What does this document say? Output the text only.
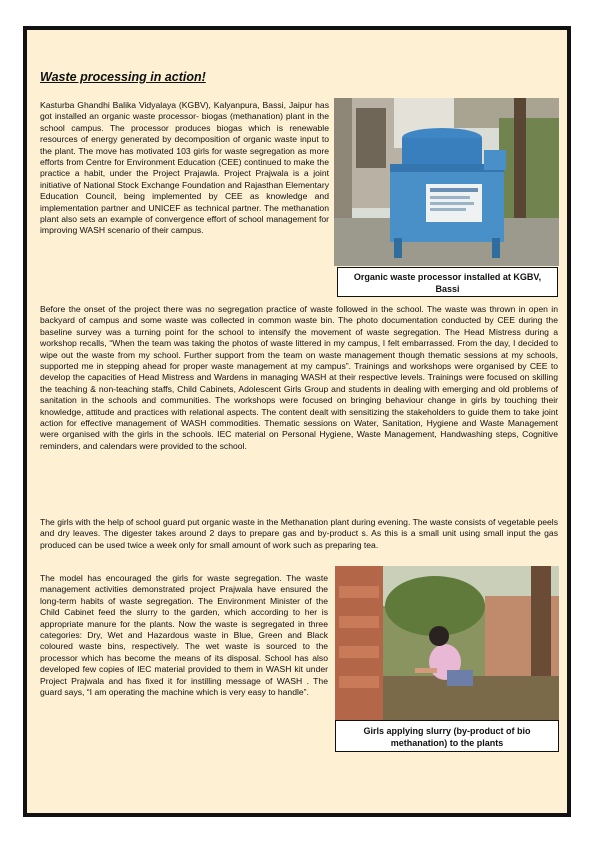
Waste processing in action!

Kasturba Ghandhi Balika Vidyalaya (KGBV), Kalyanpura, Bassi, Jaipur has got installed an organic waste processor- biogas (methanation) plant in the school campus. The processor produces biogas which is renewable resources of energy generated by decomposition of organic waste input to the plant. The move has motivated 103 girls for waste segregation as more efforts from Centre for Environment Education (CEE) continued to make the practice a habit, under the Project Prajawla. Project Prajwala is a joint initiative of National Stock Exchange Foundation and Rajasthan Elementary Education Council, being implemented by CEE as knowledge and implementation partner and UNICEF as technical partner. The methanation plant also sets an example of convergence effort of school management for improving WASH scenario of their campus.

Organic waste processor installed at KGBV,
Bassi

Before the onset of the project there was no segregation practice of waste followed in the school. The waste was thrown in open in backyard of campus and some waste was collected in common waste bin. The photo documentation conducted by CEE during the baseline survey was a turning point for the school to intensify the movement of waste segregation. The Head Mistress during a workshop recalls, “When the team was taking the photos of waste littered in my campus, I felt embarrassed. From the day, I decided to wipe out the waste from my school. Further support from the team on waste management though thematic sessions at my schools, supported me in stepping ahead for proper waste management at my campus”. Trainings and workshops were organised by CEE to develop the capacities of Head Mistress and Wardens in managing WASH at their respective levels. Trainings were focused on skilling the teaching & non-teaching staffs, Child Cabinets, Adolescent Girls Group and students in dealing with emerging and old problems of sanitation in the schools and communities. The workshops were focused on bringing behaviour change in girls by touching their knowledge, attitude and practices with relational aspects. The content dealt with sensitizing the stakeholders to guide them to take joint action for effective management of WASH commodities. Thematic sessions on Water, Sanitation, Hygiene and Waste Management were organised with the girls in the schools. IEC material on Personal Hygiene, Waste Management, Handwashing steps, Cognitive reminders, and calendars were provided to the school.

The girls with the help of school guard put organic waste in the Methanation plant during evening. The waste consists of vegetable peels and dry leaves. The digester takes around 2 days to prepare gas and by-product s. As this is a small unit using small input the gas produced can be used twice a week only for small amount of work such as preparing tea.

The model has encouraged the girls for waste segregation. The waste management activities demonstrated project Prajwala have ensured the long-term habits of waste segregation. The Environment Minister of the Child Cabinet feed the slurry to the garden, which according to her is appropriate manure for the plants. Now the waste is segregated in three categories: Dry, Wet and Hazardous waste in Blue, Green and Black coloured waste bins, respectively. The wet waste is sourced to the processor which has become the means of its disposal. School has also developed few copies of IEC material provided to them in WASH kit under Project Prajwala and has fixed it for instilling message of WASH . The guard says, “I am operating the machine which is very easy to handle”.

Girls applying slurry (by-product of bio
methanation) to the plants
